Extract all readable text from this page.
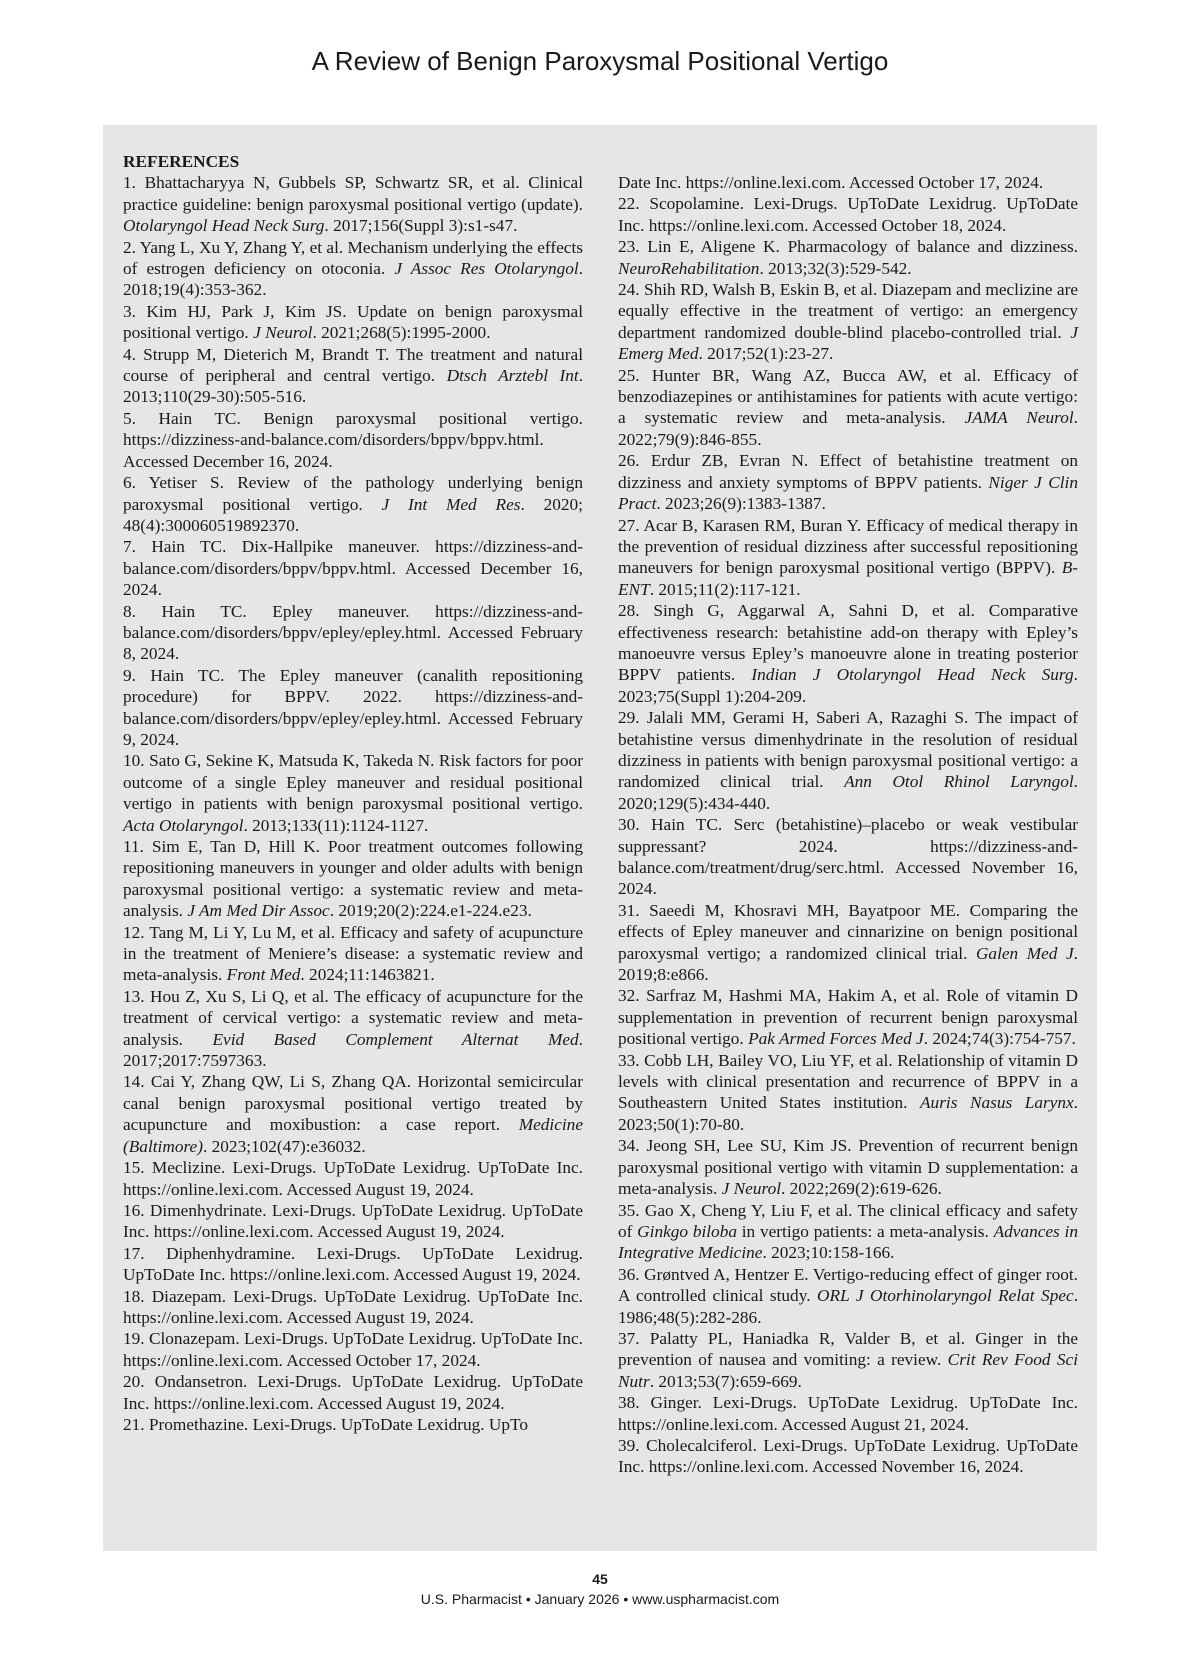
A Review of Benign Paroxysmal Positional Vertigo

REFERENCES

1. Bhattacharyya N, Gubbels SP, Schwartz SR, et al. Clinical practice guideline: benign paroxysmal positional vertigo (update). Otolaryngol Head Neck Surg. 2017;156(Suppl 3):s1-s47.

2. Yang L, Xu Y, Zhang Y, et al. Mechanism underlying the effects of estrogen deficiency on otoconia. J Assoc Res Otolaryngol. 2018;19(4):353-362.

3. Kim HJ, Park J, Kim JS. Update on benign paroxysmal positional vertigo. J Neurol. 2021;268(5):1995-2000.

4. Strupp M, Dieterich M, Brandt T. The treatment and natural course of peripheral and central vertigo. Dtsch Arztebl Int. 2013;110(29-30):505-516.

5. Hain TC. Benign paroxysmal positional vertigo. https://dizziness-and-balance.com/disorders/bppv/bppv.html. Accessed December 16, 2024.

6. Yetiser S. Review of the pathology underlying benign paroxysmal positional vertigo. J Int Med Res. 2020; 48(4):300060519892370.

7. Hain TC. Dix-Hallpike maneuver. https://dizziness-and-balance.com/disorders/bppv/bppv.html. Accessed December 16, 2024.

8. Hain TC. Epley maneuver. https://dizziness-and-balance.com/disorders/bppv/epley/epley.html. Accessed February 8, 2024.

9. Hain TC. The Epley maneuver (canalith repositioning procedure) for BPPV. 2022. https://dizziness-and-balance.com/disorders/bppv/epley/epley.html. Accessed February 9, 2024.

10. Sato G, Sekine K, Matsuda K, Takeda N. Risk factors for poor outcome of a single Epley maneuver and residual positional vertigo in patients with benign paroxysmal positional vertigo. Acta Otolaryngol. 2013;133(11):1124-1127.

11. Sim E, Tan D, Hill K. Poor treatment outcomes following repositioning maneuvers in younger and older adults with benign paroxysmal positional vertigo: a systematic review and meta-analysis. J Am Med Dir Assoc. 2019;20(2):224.e1-224.e23.

12. Tang M, Li Y, Lu M, et al. Efficacy and safety of acupuncture in the treatment of Meniere’s disease: a systematic review and meta-analysis. Front Med. 2024;11:1463821.

13. Hou Z, Xu S, Li Q, et al. The efficacy of acupuncture for the treatment of cervical vertigo: a systematic review and meta-analysis. Evid Based Complement Alternat Med. 2017;2017:7597363.

14. Cai Y, Zhang QW, Li S, Zhang QA. Horizontal semicircular canal benign paroxysmal positional vertigo treated by acupuncture and moxibustion: a case report. Medicine (Baltimore). 2023;102(47):e36032.

15. Meclizine. Lexi-Drugs. UpToDate Lexidrug. UpToDate Inc. https://online.lexi.com. Accessed August 19, 2024.

16. Dimenhydrinate. Lexi-Drugs. UpToDate Lexidrug. UpToDate Inc. https://online.lexi.com. Accessed August 19, 2024.

17. Diphenhydramine. Lexi-Drugs. UpToDate Lexidrug. UpToDate Inc. https://online.lexi.com. Accessed August 19, 2024.

18. Diazepam. Lexi-Drugs. UpToDate Lexidrug. UpToDate Inc. https://online.lexi.com. Accessed August 19, 2024.

19. Clonazepam. Lexi-Drugs. UpToDate Lexidrug. UpToDate Inc. https://online.lexi.com. Accessed October 17, 2024.

20. Ondansetron. Lexi-Drugs. UpToDate Lexidrug. UpToDate Inc. https://online.lexi.com. Accessed August 19, 2024.

21. Promethazine. Lexi-Drugs. UpToDate Lexidrug. UpTo

Date Inc. https://online.lexi.com. Accessed October 17, 2024.

22. Scopolamine. Lexi-Drugs. UpToDate Lexidrug. UpToDate Inc. https://online.lexi.com. Accessed October 18, 2024.

23. Lin E, Aligene K. Pharmacology of balance and dizziness. NeuroRehabilitation. 2013;32(3):529-542.

24. Shih RD, Walsh B, Eskin B, et al. Diazepam and meclizine are equally effective in the treatment of vertigo: an emergency department randomized double-blind placebo-controlled trial. J Emerg Med. 2017;52(1):23-27.

25. Hunter BR, Wang AZ, Bucca AW, et al. Efficacy of benzodiazepines or antihistamines for patients with acute vertigo: a systematic review and meta-analysis. JAMA Neurol. 2022;79(9):846-855.

26. Erdur ZB, Evran N. Effect of betahistine treatment on dizziness and anxiety symptoms of BPPV patients. Niger J Clin Pract. 2023;26(9):1383-1387.

27. Acar B, Karasen RM, Buran Y. Efficacy of medical therapy in the prevention of residual dizziness after successful repositioning maneuvers for benign paroxysmal positional vertigo (BPPV). B-ENT. 2015;11(2):117-121.

28. Singh G, Aggarwal A, Sahni D, et al. Comparative effectiveness research: betahistine add-on therapy with Epley’s manoeuvre versus Epley’s manoeuvre alone in treating posterior BPPV patients. Indian J Otolaryngol Head Neck Surg. 2023;75(Suppl 1):204-209.

29. Jalali MM, Gerami H, Saberi A, Razaghi S. The impact of betahistine versus dimenhydrinate in the resolution of residual dizziness in patients with benign paroxysmal positional vertigo: a randomized clinical trial. Ann Otol Rhinol Laryngol. 2020;129(5):434-440.

30. Hain TC. Serc (betahistine)–placebo or weak vestibular suppressant? 2024. https://dizziness-and-balance.com/treatment/drug/serc.html. Accessed November 16, 2024.

31. Saeedi M, Khosravi MH, Bayatpoor ME. Comparing the effects of Epley maneuver and cinnarizine on benign positional paroxysmal vertigo; a randomized clinical trial. Galen Med J. 2019;8:e866.

32. Sarfraz M, Hashmi MA, Hakim A, et al. Role of vitamin D supplementation in prevention of recurrent benign paroxysmal positional vertigo. Pak Armed Forces Med J. 2024;74(3):754-757.

33. Cobb LH, Bailey VO, Liu YF, et al. Relationship of vitamin D levels with clinical presentation and recurrence of BPPV in a Southeastern United States institution. Auris Nasus Larynx. 2023;50(1):70-80.

34. Jeong SH, Lee SU, Kim JS. Prevention of recurrent benign paroxysmal positional vertigo with vitamin D supplementation: a meta-analysis. J Neurol. 2022;269(2):619-626.

35. Gao X, Cheng Y, Liu F, et al. The clinical efficacy and safety of Ginkgo biloba in vertigo patients: a meta-analysis. Advances in Integrative Medicine. 2023;10:158-166.

36. Grøntved A, Hentzer E. Vertigo-reducing effect of ginger root. A controlled clinical study. ORL J Otorhinolaryngol Relat Spec. 1986;48(5):282-286.

37. Palatty PL, Haniadka R, Valder B, et al. Ginger in the prevention of nausea and vomiting: a review. Crit Rev Food Sci Nutr. 2013;53(7):659-669.

38. Ginger. Lexi-Drugs. UpToDate Lexidrug. UpToDate Inc. https://online.lexi.com. Accessed August 21, 2024.

39. Cholecalciferol. Lexi-Drugs. UpToDate Lexidrug. UpToDate Inc. https://online.lexi.com. Accessed November 16, 2024.

45
U.S. Pharmacist • January 2026 • www.uspharmacist.com
